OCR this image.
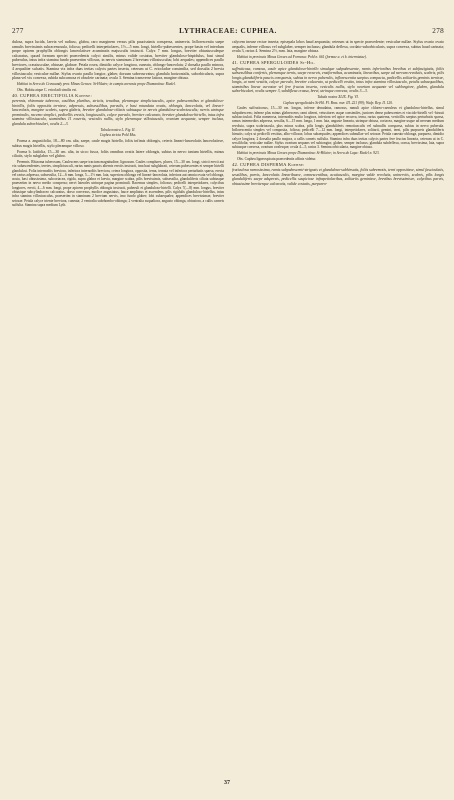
277	LYTHRACEAE: CUPHEA.	278

dulosa, supra lucida, laevia vel rudiusc, glabra, raro marginem versus pilis paucissimis conspersa, uninervia. Inflorescentia saepe ramulis brevissimis subracemosula, foliosa; pedicelli interpetiolares, 1½—5 mm. longi, hirtello-pubescentes, prope basin vel interdum prope apicem prophyllis oblongis lanceolatisve acuminatis majusculis instructi. Calyx 7 mm. longus, breviter obtusiusculeque calcaratus, quoad formam speciei praecedentis calyci similis, minus valide costatus, breviter glanduloso-hispidulus, basi simul puberulus, intus infra stamina fundo praesertim villosus, in nervis staminum 2 brevium villosiusculus; lobi aequales; appendices paullo breviores, crassiusculae, obtusae, glabrae. Petala rosea, dimidio calyce longiora, cuneata, oblongo-lanceolata; 2 dorsalia paullo minora, 4 aequaliter sulcatis. Stamina vix infra duas tertias calycis partes inserta, ceterum ut C. eriocladae consimilia, sed dorsalia 2 brevia villosiuscula; vesiculae nullae. Stylus ovario paullo longior, glaber, dorsum subrecurvatus; glandula horizontalis, suborbicularis, supra plana vel vix convexa, rubida subcarnosa et obsolete carinata; ovula 3. Semina transverse latiora, margine obtusa.

Habitat in Serra do Cravuandy prov. Minas Geraes: St-Hilaire; in campis arenosis prope Diamantina: Riedel.

Obs. Habitu atque C. eriocladi similis est.

40. CUPHEA ERECTIFOLIA Koehne:

perennis, rhizomate tuberoso, caulibus pluribus, strictis, tenuibus, pleramque simpliciusculis, apice pubescentibus et glanduloso-hirtellis, foliis oppositis ternisve, adpressis, subsessilibus, parvulis, e basi rotundata ovatis, oblongis, lanceolatis, vel lineari-lanceolatis, margine scabris, supra glabris, breviter glandulose-ciliatis subtusque in nervis glandulose-scabriusculis; nervis utrinque prominulis, racemo simplici, pedicellis erectis, longiusculis, calyce parvulo, breviter calcarato, breviter glanduloso-hirtello, intus infra stamina villosiusculo, staminibus 11 exsertis, vesiculis nullis, stylo pleramque villosiusculo, ovarium aequante, semper inclusa, glandula suborbiculari, ovulis 2—3.

Tabula nostra L. Fig. II.

Cuphea stricta Pohl Mss.

Forma a. angustifolia, 18—80 cm. alta, saepe, caule magis hirtello, foliis infimis oblongis, ceteris lineari-lanceolatis lanceolatisve, subtus magis hirtellis, stylo pleramque villoso.

Forma b. latifolia, 15—30 cm. alta, in sicco fusca, foliis omnibus ovatis latere oblongis, subtus in nervo tantum hirtellis, minus ciliatis, stylo subglabro vel glabro.

Perennis. Rhizoma tuberosum, Caulescens saepe tractum magnitudine, lignosum. Caules complures, plures, 15—30 cm. longi, stricti erecti aut vix subascendentes, teretes, simpliciusculi, rarius ramis paucis alternis erectis instructi, ima basi subglabrati, ceterum pubescentes et semper hirtelli glandulosi. Folia internodiis breviora, inferiora internodiis breviora, cetera longiora, opposita, terna, ternata vel inferiora perturbatis sparsa, erecta vel rarius adpressa, subsessilia, 12—6 mm. longa, 5—1½ mm. lata, superiora oblonga vel lineari-lanceolata, inferiora aut omnia ovata vel oblonga, acuta, basi obtusissima, subcoriacea, rigida, supra glabra et laevia, margine scabra, pilis brevissimis, subsessilia, glanduliferis ciliata subtusque praesertim in nervo medio conspersa; nervi laterales utrinque pagina prominuli. Racemus simplex, foliosus; pedicelli interpetiolares, calycibus longiores, erecti, 4—6 mm. longi, prope apicem prophyllis oblongis instructi, puberuli et glanduloso-hirtelli. Calyx 7(—8) mm. longus, breviter obtusique subcylindraceo calcaratus, dorso convexus, modice angustatus, fauce ampliatus et ascendens, pilis rigidulis glanduloso-hirtellus, intus infra stamina villosiusculus, praesertim in staminum 2 brevium nervis, imo fundo glaber; lobi subaequales; appendices brevissimae, breviter setosae. Petala calyce triente breviora, cuneata; 2 ventralia subrhombo-oblonga; 2 ventralia suqualiora, angusto oblonga, obtusiora, a callis carneis suffulta. Stamina supra medium Lyth.

calycem ineuse rectae inserta; episepala lobos haud aequantia; ceterum ut in specie praecedente; vesiculae nullae. Stylus ovario ovato aequalis, inferne villosus vel subglaber, semper inclusus; glandula deflexa, cordato-suborbicularis, supra convexa, subtus haud carinata; ovula 3, rarius 4. Semina 2½, mm. lata, margine obtusa.

Habitat in provincia Minas Geraes ad Formosa: Pohl n. 661 (formae a. et b. intermixtae).

41. CUPHEA SPERGULOIDES St-Hil.

suffruticosa, ramosa, caule apice glanduloso-hirtello simulque subpubescente, ramis inferioribus brevibus et subfastigiatis, foliis subsessilibus confertis, plerumque ternis, saepe recurvis, ensiformibus, acuminatis, linearibus, saepe ad nervum revolutis, scabris, pilis longis glanduliferis paucis consparsis, subtus in nervo puberulis, inflorescentia saepius compacta, pedicellis solitariis geminis ternisve, longis, ut rami vestitis, calyce parvulo, breviter calcarato, ut pedicelli vestito, intus infra stamina villosiusculo, petalis subaequalibus, staminibus lineae curvatae vel fere fructus inserta, vesiculis nullis, stylo ovarium aequante vel sublongiore, glabro, glandula suborbiculari, ovulis semper 3, subdiflexa crassa, brevi, utrinque convexa, ovulis 3—3.

Tabula nostra XLIX. Fig. VI.

Cuphea spergulioides St-Hil. Fl. Bras. mer. III. 221 (99); Walp. Rep. II. 120.

Caules suffruticosus, 15—30 cm. longus, inferne denudatus, ramosus, ramuli apice chloreo-caeruleus et glanduloso-hirtellus, simul subpubescens; inferne plus minus glabrescens; rami alterni, vetustiores usque consimiles, juniores dense pubescentes et viscido-hirtelli vel -hirsuti subfasciculati. Folia numerosa, internodiis multo longiora, inferiora vel apice recurva, terna, rarius quaterna, verticillis saepius perturbatis sparsa, ramos intermedios adpressa, sessilia, 6—15 mm. longa, 1 mm. lata, anguste linearia, utrinque obtusa, coriacea, margine usque ad nervum medium revoluta, supra scabriuscula, plus minus scabra, pilis longis glanduliferis remotiusculis vel subnullis consparsa, subtus in nervo puberula. Inflorescentia simplex vel composita, foliosa; pedicelli 7—12 mm. longi, interpetiolares, solitarii, gemini, terni, pilis purpureis glanduliferis hirsutis; calyx ut pedicelli vestitus, albo-villosus; lobus subaequales; appendices subnullae vel setosae. Petala cuneato-oblonga, purpurea, dimidio calyce longiora; 2 dorsalia paullo majora, a callis carneis suffulta. Stamina infra duas tertias calycis partes fere fructus linearia, ceterum ut in C. sessilifolia; vesiculae nullae. Stylus ovarium aequans vel subtongior, glaber, semper inclusus; glandula subdeflexa, crassa, brevissima, lata, supra subtusque convexa, ovarium ovalesque; ovula 4—5, rarius 3. Semina orbicularia, margine obtusa.

Habitat in provincia Minas Geraes prope Diamantina: St-Hilaire; in Serra do Lapa: Riedel n. 923.

Obs. Cuphea ligneospicata praecedentis affinis videtur.

42. CUPHEA DISPERMA Koehne:

fruticulosa ramosissima, ramis subpubescenti-strigosis et glanduloso-subhirsutis, foliis subremotis, terni oppositisve, simul fasciculatis, sessilibus, parvis, lanceolatis linearibusve, connescentibus, acutiusculis, margine valde revolutis, uninerviis, scabris, pilis longis glanduliferis saepe adspersis, pedicellis suspiciose infrapetiolaribus, solitariis geminisve, brevibus brevissimisve, calycibus parvis, obtusissime breviterque calcaratis, valide costatis, purpureo-

37
